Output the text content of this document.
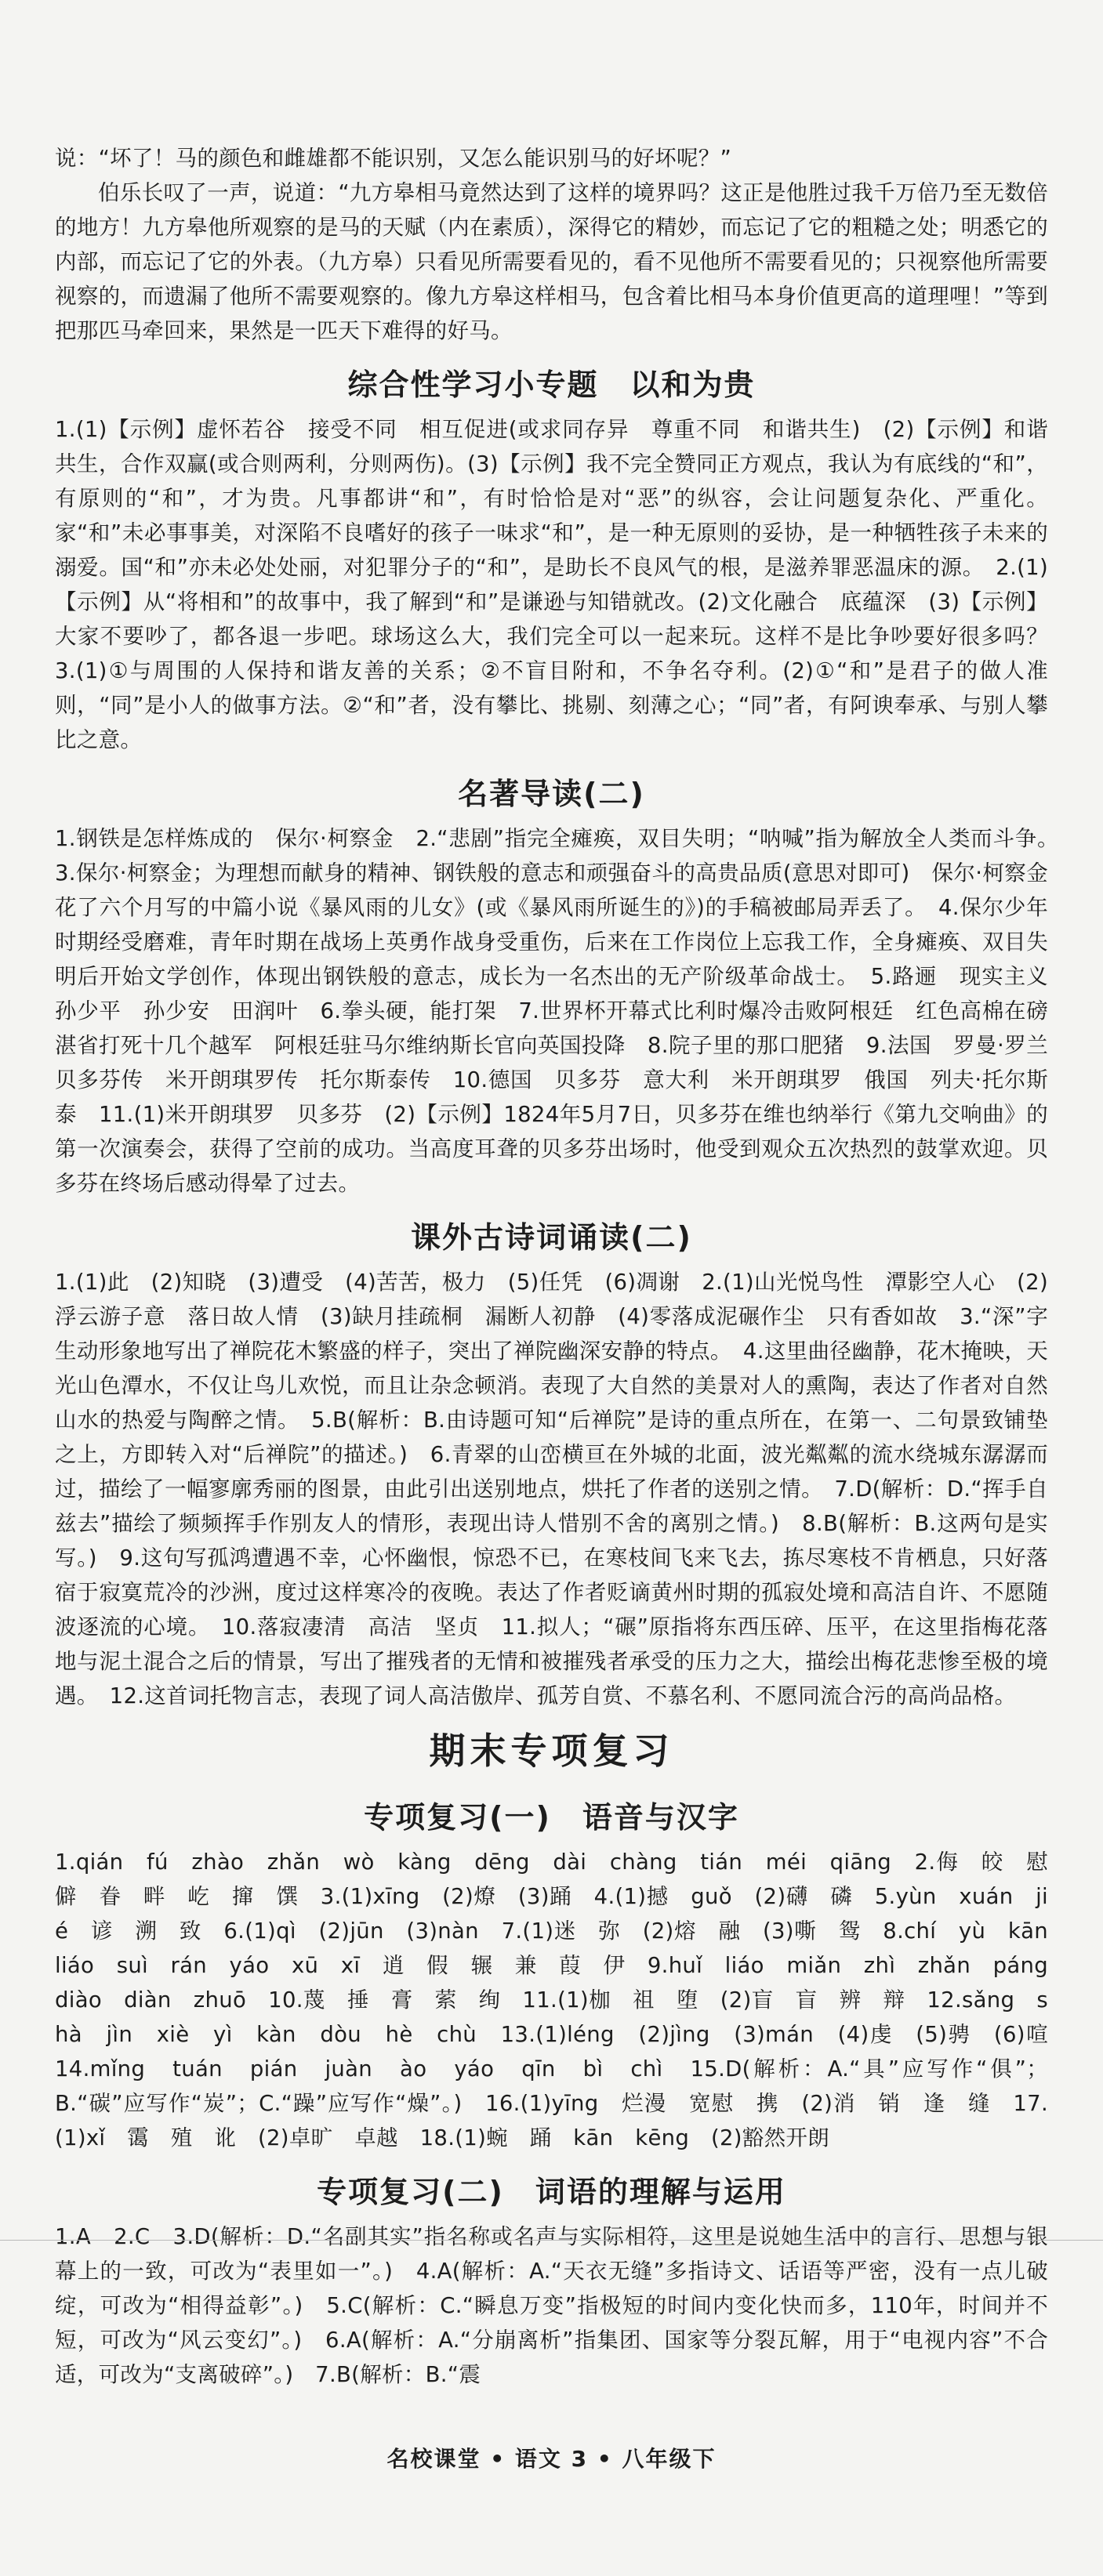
说：“坏了！马的颜色和雌雄都不能识别，又怎么能识别马的好坏呢？”

伯乐长叹了一声，说道：“九方皋相马竟然达到了这样的境界吗？这正是他胜过我千万倍乃至无数倍的地方！九方皋他所观察的是马的天赋（内在素质），深得它的精妙，而忘记了它的粗糙之处；明悉它的内部，而忘记了它的外表。（九方皋）只看见所需要看见的，看不见他所不需要看见的；只视察他所需要视察的，而遗漏了他所不需要观察的。像九方皋这样相马，包含着比相马本身价值更高的道理哩！”等到把那匹马牵回来，果然是一匹天下难得的好马。

综合性学习小专题　以和为贵

1.(1)【示例】虚怀若谷　接受不同　相互促进(或求同存异　尊重不同　和谐共生)　(2)【示例】和谐共生，合作双赢(或合则两利，分则两伤)。(3)【示例】我不完全赞同正方观点，我认为有底线的“和”，有原则的“和”，才为贵。凡事都讲“和”，有时恰恰是对“恶”的纵容，会让问题复杂化、严重化。家“和”未必事事美，对深陷不良嗜好的孩子一味求“和”，是一种无原则的妥协，是一种牺牲孩子未来的溺爱。国“和”亦未必处处丽，对犯罪分子的“和”，是助长不良风气的根，是滋养罪恶温床的源。　2.(1)【示例】从“将相和”的故事中，我了解到“和”是谦逊与知错就改。(2)文化融合　底蕴深　(3)【示例】大家不要吵了，都各退一步吧。球场这么大，我们完全可以一起来玩。这样不是比争吵要好很多吗？　3.(1)①与周围的人保持和谐友善的关系；②不盲目附和，不争名夺利。(2)①“和”是君子的做人准则，“同”是小人的做事方法。②“和”者，没有攀比、挑剔、刻薄之心；“同”者，有阿谀奉承、与别人攀比之意。

名著导读(二)

1.钢铁是怎样炼成的　保尔·柯察金　2.“悲剧”指完全瘫痪，双目失明；“呐喊”指为解放全人类而斗争。　3.保尔·柯察金；为理想而献身的精神、钢铁般的意志和顽强奋斗的高贵品质(意思对即可)　保尔·柯察金花了六个月写的中篇小说《暴风雨的儿女》(或《暴风雨所诞生的》)的手稿被邮局弄丢了。　4.保尔少年时期经受磨难，青年时期在战场上英勇作战身受重伤，后来在工作岗位上忘我工作，全身瘫痪、双目失明后开始文学创作，体现出钢铁般的意志，成长为一名杰出的无产阶级革命战士。　5.路逦　现实主义　孙少平　孙少安　田润叶　6.拳头硬，能打架　7.世界杯开幕式比利时爆冷击败阿根廷　红色高棉在磅湛省打死十几个越军　阿根廷驻马尔维纳斯长官向英国投降　8.院子里的那口肥猪　9.法国　罗曼·罗兰　贝多芬传　米开朗琪罗传　托尔斯泰传　10.德国　贝多芬　意大利　米开朗琪罗　俄国　列夫·托尔斯泰　11.(1)米开朗琪罗　贝多芬　(2)【示例】1824年5月7日，贝多芬在维也纳举行《第九交响曲》的第一次演奏会，获得了空前的成功。当高度耳聋的贝多芬出场时，他受到观众五次热烈的鼓掌欢迎。贝多芬在终场后感动得晕了过去。

课外古诗词诵读(二)

1.(1)此　(2)知晓　(3)遭受　(4)苦苦，极力　(5)任凭　(6)凋谢　2.(1)山光悦鸟性　潭影空人心　(2)浮云游子意　落日故人情　(3)缺月挂疏桐　漏断人初静　(4)零落成泥碾作尘　只有香如故　3.“深”字生动形象地写出了禅院花木繁盛的样子，突出了禅院幽深安静的特点。　4.这里曲径幽静，花木掩映，天光山色潭水，不仅让鸟儿欢悦，而且让杂念顿消。表现了大自然的美景对人的熏陶，表达了作者对自然山水的热爱与陶醉之情。　5.B(解析：B.由诗题可知“后禅院”是诗的重点所在，在第一、二句景致铺垫之上，方即转入对“后禅院”的描述。)　6.青翠的山峦横亘在外城的北面，波光粼粼的流水绕城东潺潺而过，描绘了一幅寥廓秀丽的图景，由此引出送别地点，烘托了作者的送别之情。　7.D(解析：D.“挥手自兹去”描绘了频频挥手作别友人的情形，表现出诗人惜别不舍的离别之情。)　8.B(解析：B.这两句是实写。)　9.这句写孤鸿遭遇不幸，心怀幽恨，惊恐不已，在寒枝间飞来飞去，拣尽寒枝不肯栖息，只好落宿于寂寞荒冷的沙洲，度过这样寒冷的夜晚。表达了作者贬谪黄州时期的孤寂处境和高洁自许、不愿随波逐流的心境。　10.落寂凄清　高洁　坚贞　11.拟人；“碾”原指将东西压碎、压平，在这里指梅花落地与泥土混合之后的情景，写出了摧残者的无情和被摧残者承受的压力之大，描绘出梅花悲惨至极的境遇。　12.这首词托物言志，表现了词人高洁傲岸、孤芳自赏、不慕名利、不愿同流合污的高尚品格。

期末专项复习
专项复习(一)　语音与汉字

1.qián　fú　zhào　zhǎn　wò　kàng　dēng　dài　chàng　tián　méi　qiāng　2.侮　皎　慰　僻　眷　畔　屹　撺　馔　3.(1)xīng　(2)燎　(3)踊　4.(1)撼　guǒ　(2)礴　磷　5.yùn　xuán　jié　谚　溯　致　6.(1)qì　(2)jūn　(3)nàn　7.(1)迷　弥　(2)熔　融　(3)嘶　鸳　8.chí　yù　kān　liáo　suì　rán　yáo　xū　xī　逍　假　辗　兼　葭　伊　9.huǐ　liáo　miǎn　zhì　zhǎn　páng　diào　diàn　zhuō　10.蔑　捶　膏　萦　绚　11.(1)枷　祖　堕　(2)盲　盲　辨　辩　12.sǎng　shà　jìn　xiè　yì　kàn　dòu　hè　chù　13.(1)léng　(2)jìng　(3)mán　(4)虔　(5)骋　(6)喧　14.mǐng　tuán　pián　juàn　ào　yáo　qīn　bì　chì　15.D(解析：A.“具”应写作“俱”；B.“碳”应写作“炭”；C.“躁”应写作“燥”。)　16.(1)yīng　烂漫　宽慰　携　(2)消　销　逢　缝　17.(1)xǐ　霭　殖　讹　(2)卓旷　卓越　18.(1)蜿　踊　kān　kēng　(2)豁然开朗

专项复习(二)　词语的理解与运用

1.A　2.C　3.D(解析：D.“名副其实”指名称或名声与实际相符，这里是说她生活中的言行、思想与银幕上的一致，可改为“表里如一”。)　4.A(解析：A.“天衣无缝”多指诗文、话语等严密，没有一点儿破绽，可改为“相得益彰”。)　5.C(解析：C.“瞬息万变”指极短的时间内变化快而多，110年，时间并不短，可改为“风云变幻”。)　6.A(解析：A.“分崩离析”指集团、国家等分裂瓦解，用于“电视内容”不合适，可改为“支离破碎”。)　7.B(解析：B.“震

名校课堂 • 语文 3 • 八年级下
